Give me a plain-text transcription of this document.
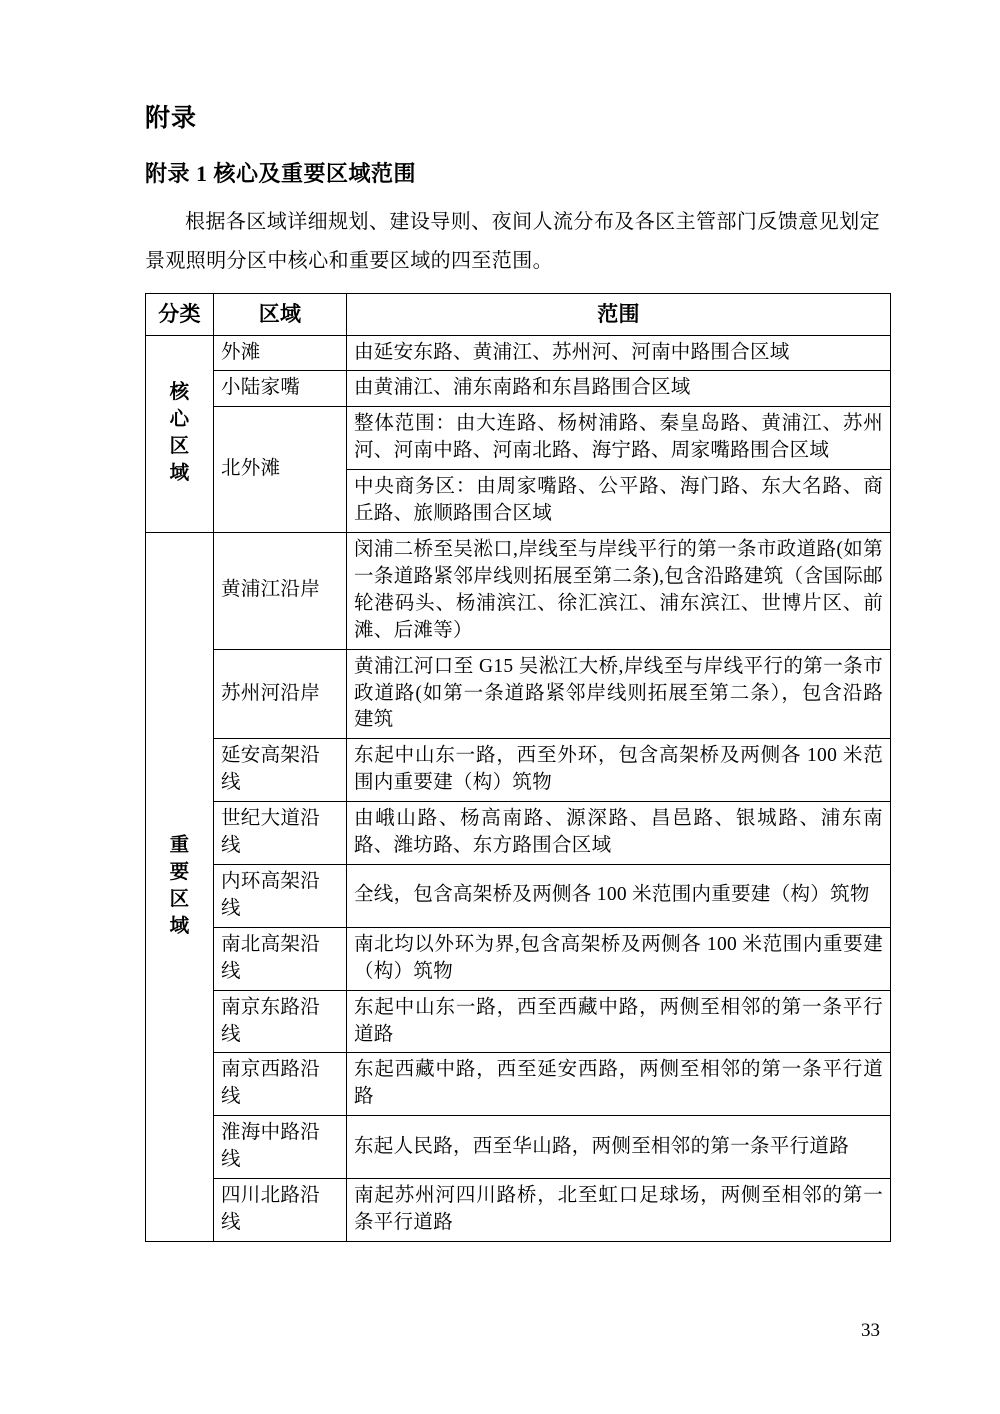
附录
附录 1 核心及重要区域范围

根据各区域详细规划、建设导则、夜间人流分布及各区主管部门反馈意见划定景观照明分区中核心和重要区域的四至范围。

分类	区域	范围

核
心
区
域	外滩	由延安东路、黄浦江、苏州河、河南中路围合区域
	小陆家嘴	由黄浦江、浦东南路和东昌路围合区域
	北外滩	整体范围：由大连路、杨树浦路、秦皇岛路、黄浦江、苏州河、河南中路、河南北路、海宁路、周家嘴路围合区域
		中央商务区：由周家嘴路、公平路、海门路、东大名路、商丘路、旅顺路围合区域

重
要
区
域	黄浦江沿岸	闵浦二桥至吴淞口,岸线至与岸线平行的第一条市政道路(如第一条道路紧邻岸线则拓展至第二条),包含沿路建筑（含国际邮轮港码头、杨浦滨江、徐汇滨江、浦东滨江、世博片区、前滩、后滩等）
	苏州河沿岸	黄浦江河口至 G15 吴淞江大桥,岸线至与岸线平行的第一条市政道路(如第一条道路紧邻岸线则拓展至第二条），包含沿路建筑
	延安高架沿线	东起中山东一路，西至外环，包含高架桥及两侧各 100 米范围内重要建（构）筑物
	世纪大道沿线	由峨山路、杨高南路、源深路、昌邑路、银城路、浦东南路、潍坊路、东方路围合区域
	内环高架沿线	全线，包含高架桥及两侧各 100 米范围内重要建（构）筑物
	南北高架沿线	南北均以外环为界,包含高架桥及两侧各 100 米范围内重要建（构）筑物
	南京东路沿线	东起中山东一路，西至西藏中路，两侧至相邻的第一条平行道路
	南京西路沿线	东起西藏中路，西至延安西路，两侧至相邻的第一条平行道路
	淮海中路沿线	东起人民路，西至华山路，两侧至相邻的第一条平行道路
	四川北路沿线	南起苏州河四川路桥，北至虹口足球场，两侧至相邻的第一条平行道路
33
